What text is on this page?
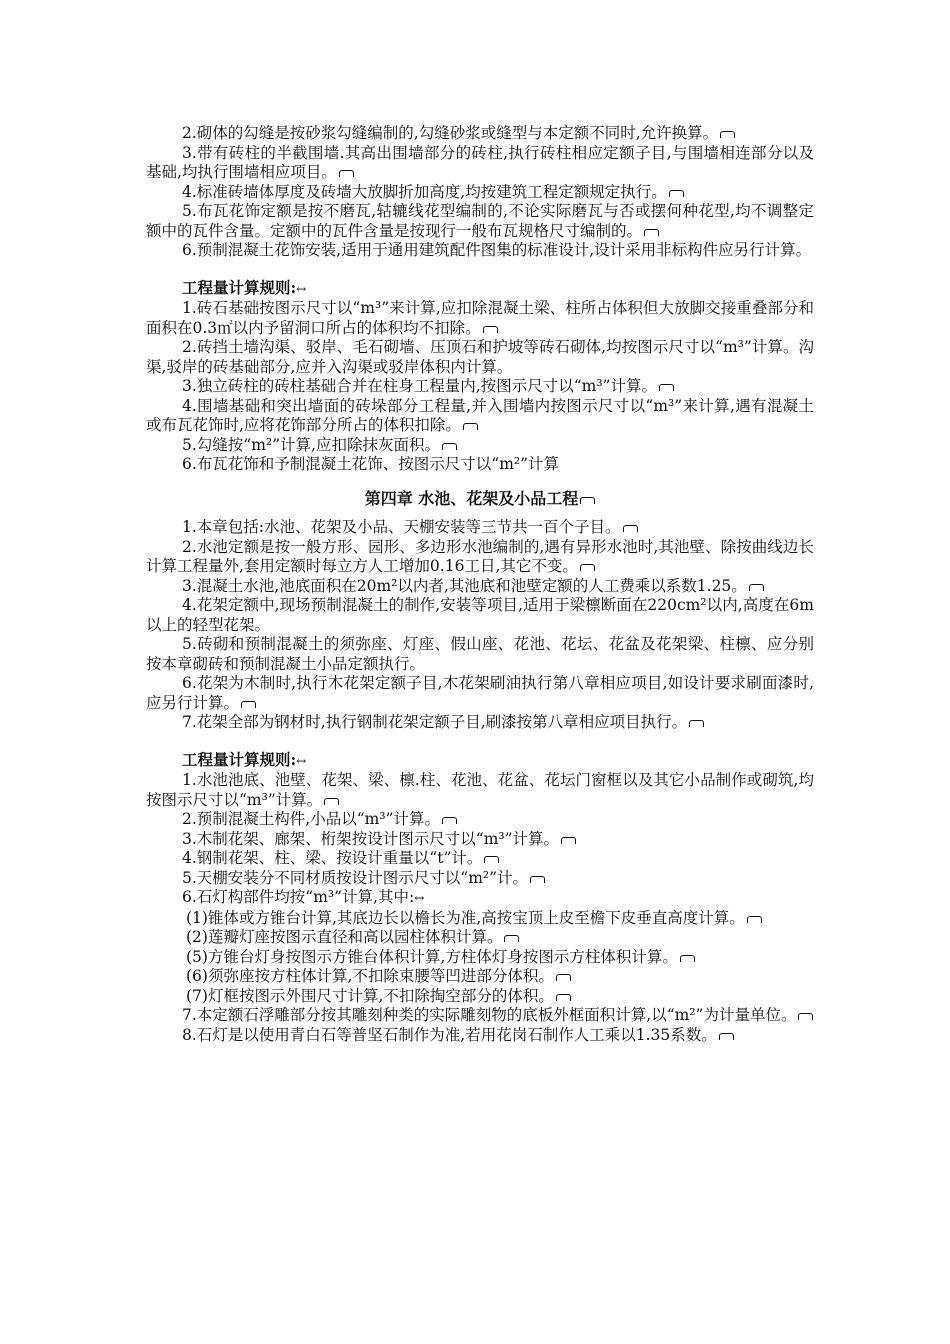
2.砌体的勾缝是按砂浆勾缝编制的,勾缝砂浆或缝型与本定额不同时,允许换算。

3.带有砖柱的半截围墙.其高出围墙部分的砖柱,执行砖柱相应定额子目,与围墙相连部分以及基础,均执行围墙相应项目。

4.标准砖墙体厚度及砖墙大放脚折加高度,均按建筑工程定额规定执行。

5.布瓦花饰定额是按不磨瓦,轱辘线花型编制的,不论实际磨瓦与否或摆何种花型,均不调整定额中的瓦件含量。定额中的瓦件含量是按现行一般布瓦规格尺寸编制的。

6.预制混凝土花饰安装,适用于通用建筑配件图集的标准设计,设计采用非标构件应另行计算。

工程量计算规则:↔

1.砖石基础按图示尺寸以“m³”来计算,应扣除混凝土梁、柱所占体积但大放脚交接重叠部分和面积在0.3㎡以内予留洞口所占的体积均不扣除。

2.砖挡土墙沟渠、驳岸、毛石砌墙、压顶石和护坡等砖石砌体,均按图示尺寸以“m³”计算。沟渠,驳岸的砖基础部分,应并入沟渠或驳岸体积内计算。

3.独立砖柱的砖柱基础合并在柱身工程量内,按图示尺寸以“m³”计算。

4.围墙基础和突出墙面的砖垛部分工程量,并入围墙内按图示尺寸以“m³”来计算,遇有混凝土或布瓦花饰时,应将花饰部分所占的体积扣除。

5.勾缝按“m²”计算,应扣除抹灰面积。

6.布瓦花饰和予制混凝土花饰、按图示尺寸以“m²”计算

第四章 水池、花架及小品工程

1.本章包括:水池、花架及小品、天棚安装等三节共一百个子目。

2.水池定额是按一般方形、园形、多边形水池编制的,遇有异形水池时,其池壁、除按曲线边长计算工程量外,套用定额时每立方人工增加0.16工日,其它不变。

3.混凝土水池,池底面积在20m²以内者,其池底和池壁定额的人工费乘以系数1.25。

4.花架定额中,现场预制混凝土的制作,安装等项目,适用于梁檩断面在220cm²以内,高度在6m以上的轻型花架。

5.砖砌和预制混凝土的须弥座、灯座、假山座、花池、花坛、花盆及花架梁、柱檩、应分别按本章砌砖和预制混凝土小品定额执行。

6.花架为木制时,执行木花架定额子目,木花架刷油执行第八章相应项目,如设计要求刷面漆时,应另行计算。

7.花架全部为钢材时,执行钢制花架定额子目,刷漆按第八章相应项目执行。

工程量计算规则:↔

1.水池池底、池壁、花架、梁、檩.柱、花池、花盆、花坛门窗框以及其它小品制作或砌筑,均按图示尺寸以“m³”计算。

2.预制混凝土构件,小品以“m³”计算。

3.木制花架、廊架、桁架按设计图示尺寸以“m³”计算。

4.钢制花架、柱、梁、按设计重量以“t”计。

5.天棚安装分不同材质按设计图示尺寸以“m²”计。

6.石灯构部件均按“m³”计算,其中:↔

(1)锥体或方锥台计算,其底边长以檐长为准,高按宝顶上皮至檐下皮垂直高度计算。

(2)莲瓣灯座按图示直径和高以园柱体积计算。

(5)方锥台灯身按图示方锥台体积计算,方柱体灯身按图示方柱体积计算。

(6)须弥座按方柱体计算,不扣除束腰等凹进部分体积。

(7)灯框按图示外围尺寸计算,不扣除掏空部分的体积。

7.本定额石浮雕部分按其雕刻种类的实际雕刻物的底板外框面积计算,以“m²”为计量单位。

8.石灯是以使用青白石等普坚石制作为准,若用花岗石制作人工乘以1.35系数。
